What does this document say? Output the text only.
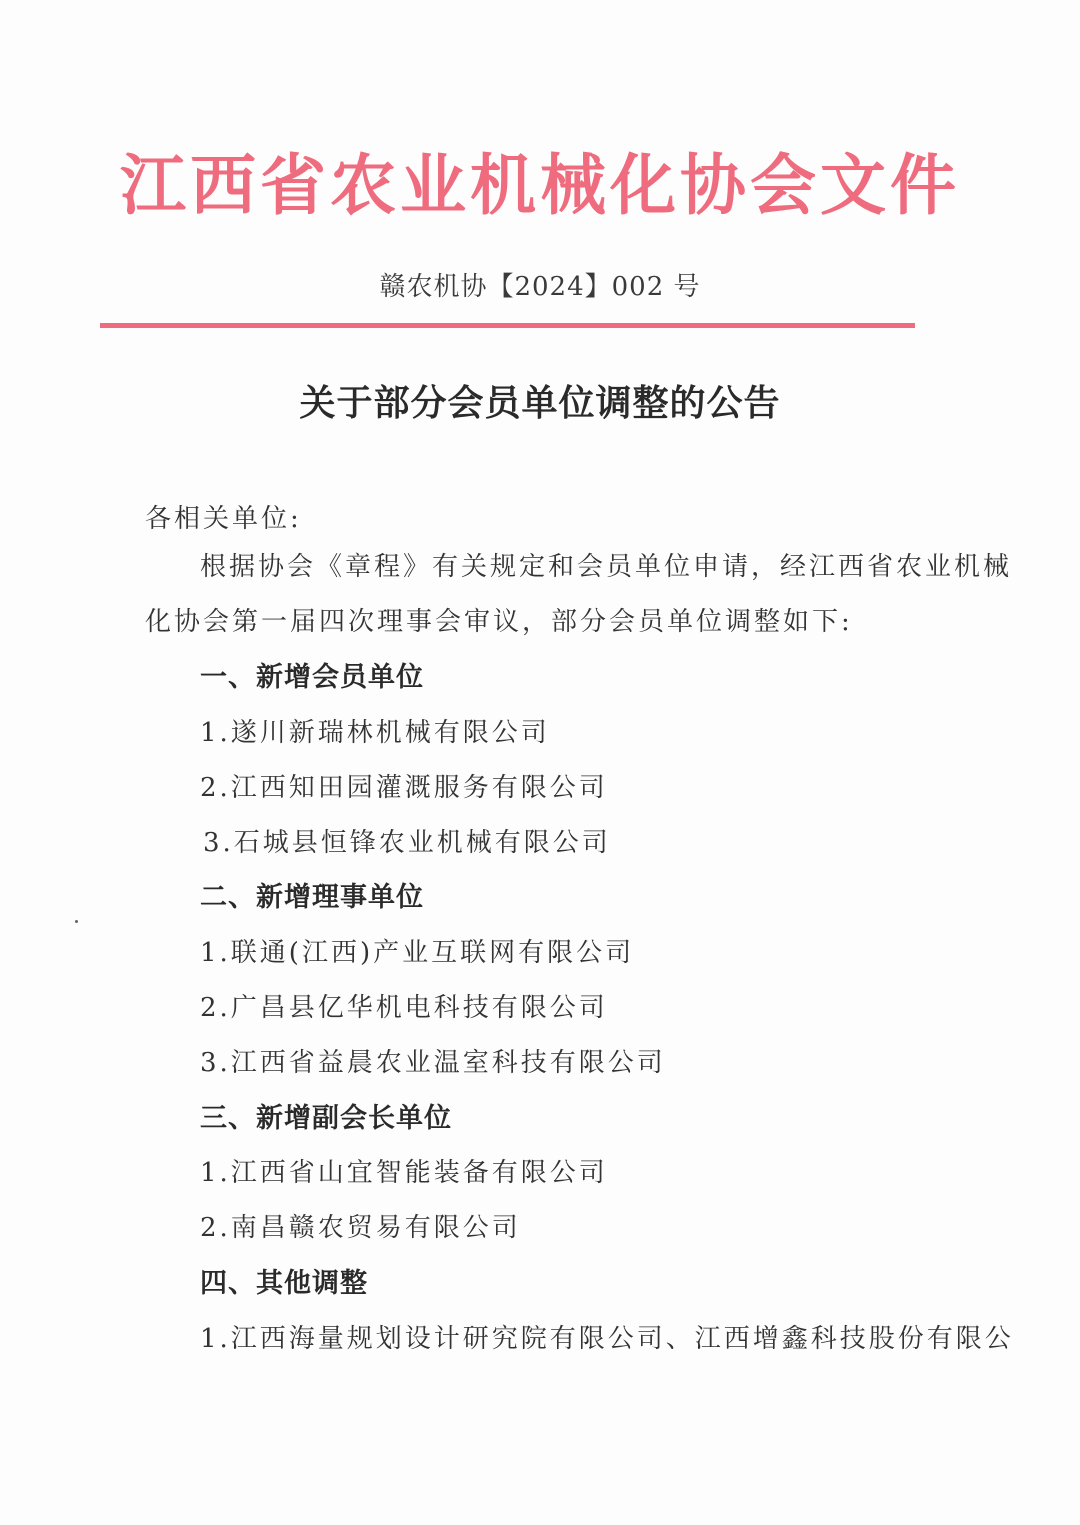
江西省农业机械化协会文件
赣农机协【2024】002 号
关于部分会员单位调整的公告
各相关单位:
根据协会《章程》有关规定和会员单位申请，经江西省农业机械
化协会第一届四次理事会审议，部分会员单位调整如下:
一、新增会员单位
1.遂川新瑞林机械有限公司
2.江西知田园灌溉服务有限公司
3.石城县恒锋农业机械有限公司
二、新增理事单位
1.联通(江西)产业互联网有限公司
2.广昌县亿华机电科技有限公司
3.江西省益晨农业温室科技有限公司
三、新增副会长单位
1.江西省山宜智能装备有限公司
2.南昌赣农贸易有限公司
四、其他调整
1.江西海量规划设计研究院有限公司、江西增鑫科技股份有限公
